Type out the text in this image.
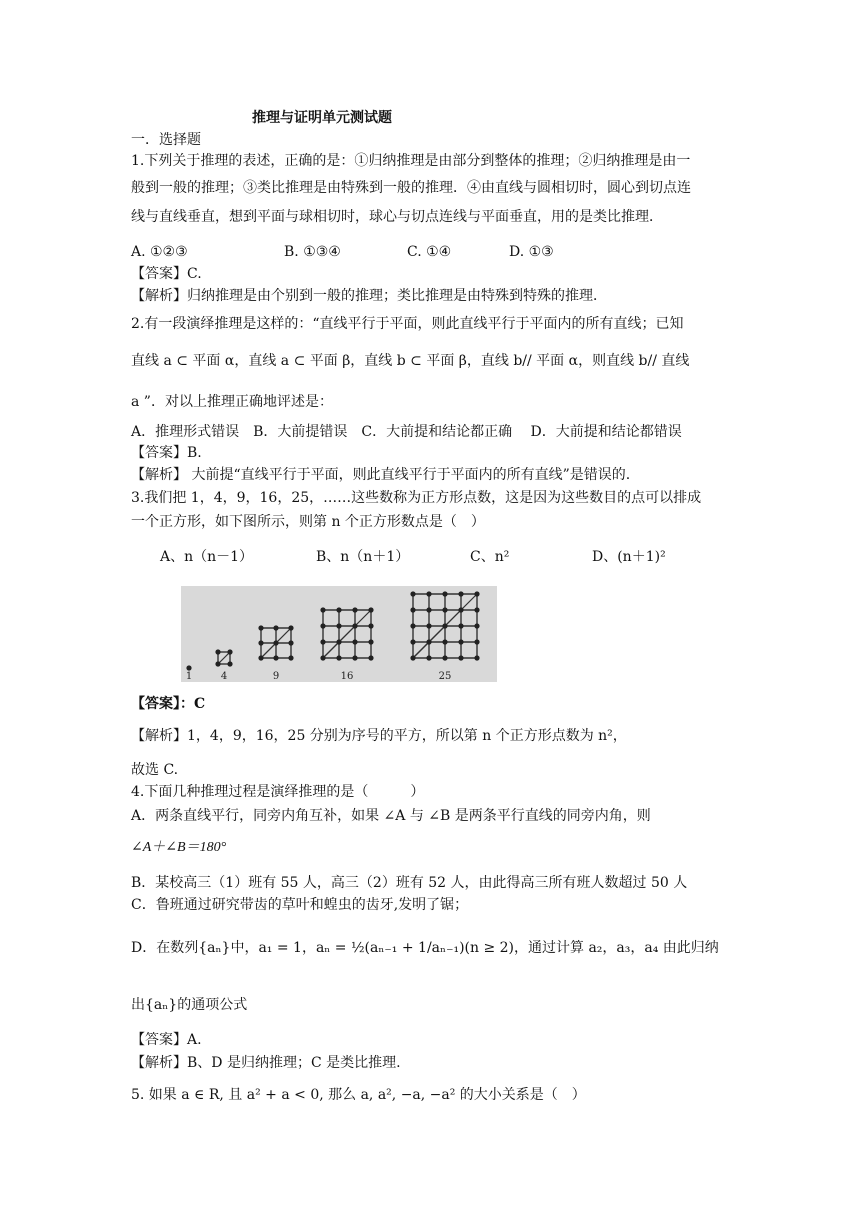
推理与证明单元测试题
一．选择题
1.下列关于推理的表述，正确的是：①归纳推理是由部分到整体的推理；②归纳推理是由一
般到一般的推理；③类比推理是由特殊到一般的推理．④由直线与圆相切时，圆心到切点连
线与直线垂直，想到平面与球相切时，球心与切点连线与平面垂直，用的是类比推理．
A. ①②③	B. ①③④	C. ①④	D. ①③
【答案】C.
【解析】归纳推理是由个别到一般的推理；类比推理是由特殊到特殊的推理．
2.有一段演绎推理是这样的：“直线平行于平面，则此直线平行于平面内的所有直线；已知
直线 a ⊂ 平面 α，直线 a ⊂ 平面 β，直线 b ⊂ 平面 β，直线 b// 平面 α，则直线 b// 直线
a ”．对以上推理正确地评述是：
A．推理形式错误　B．大前提错误　C．大前提和结论都正确　 D．大前提和结论都错误
【答案】B.
【解析】 大前提“直线平行于平面，则此直线平行于平面内的所有直线”是错误的.
3.我们把 1，4，9，16，25，……这些数称为正方形点数，这是因为这些数目的点可以排成
一个正方形，如下图所示，则第 n 个正方形数点是（　）
A、n（n－1）	B、n（n＋1）	C、n²	D、(n＋1)²
1	4	9	16	25
【答案】：C
【解析】1，4，9，16，25 分别为序号的平方，所以第 n 个正方形点数为 n²，
故选 C.
4.下面几种推理过程是演绎推理的是（　　　）
A．两条直线平行，同旁内角互补，如果 ∠A 与 ∠B 是两条平行直线的同旁内角，则
∠A＋∠B＝180°
B．某校高三（1）班有 55 人，高三（2）班有 52 人，由此得高三所有班人数超过 50 人
C．鲁班通过研究带齿的草叶和蝗虫的齿牙,发明了锯；
D．在数列{aₙ}中，a₁ = 1，aₙ = ½(aₙ₋₁ + 1/aₙ₋₁)(n ≥ 2)，通过计算 a₂，a₃，a₄ 由此归纳
出{aₙ}的通项公式
【答案】A.
【解析】B、D 是归纳推理；C 是类比推理.
5. 如果 a ∈ R, 且 a² + a < 0, 那么 a, a², −a, −a² 的大小关系是（　）
